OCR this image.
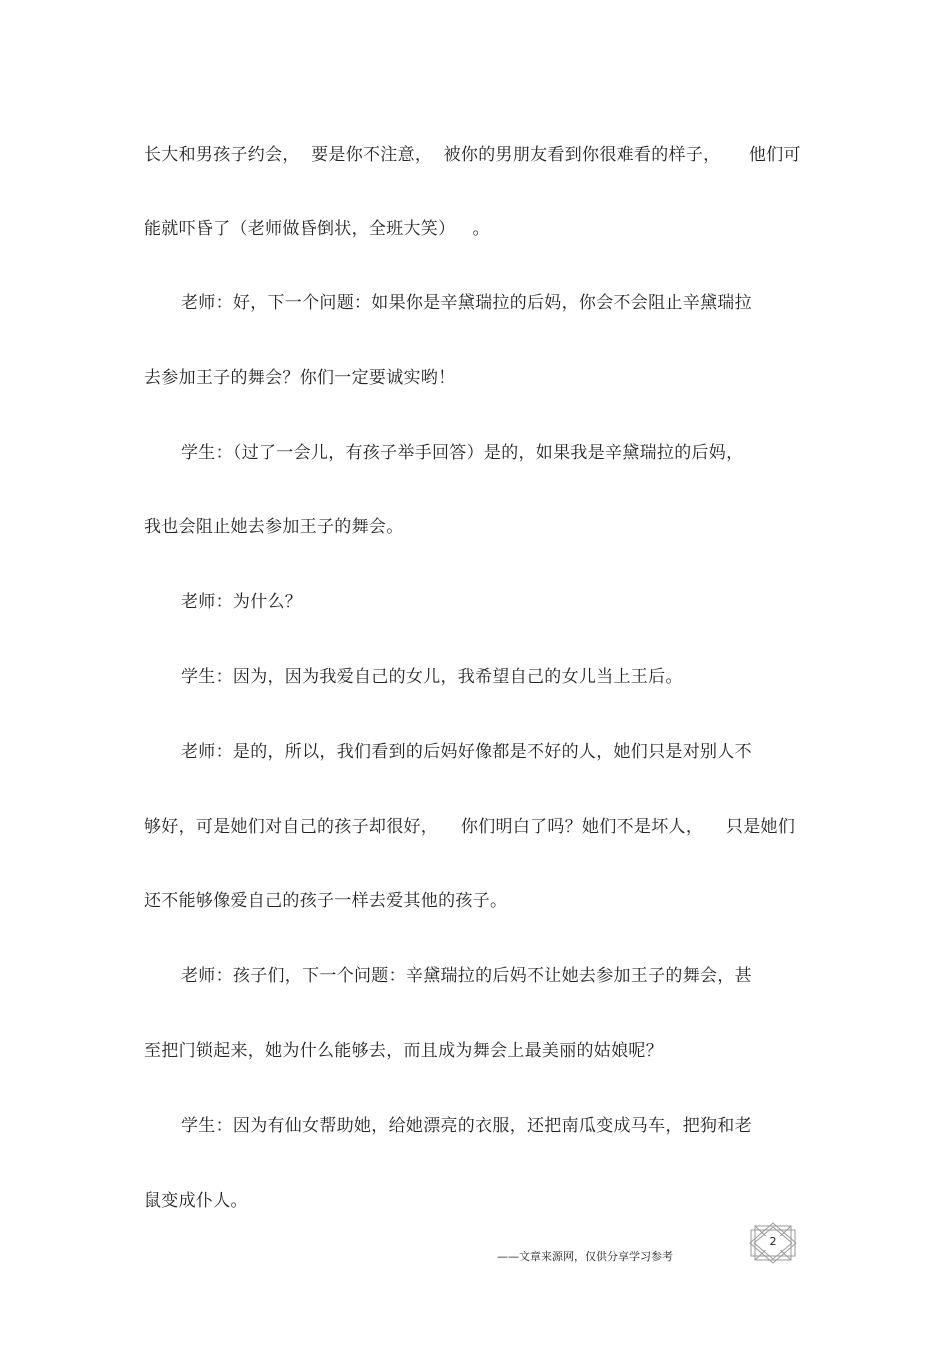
长大和男孩子约会，  要是你不注意，  被你的男朋友看到你很难看的样子，     他们可
能就吓昏了（老师做昏倒状，全班大笑）   。
老师：好，下一个问题：如果你是辛黛瑞拉的后妈，你会不会阻止辛黛瑞拉
去参加王子的舞会？你们一定要诚实哟！
学生：（过了一会儿，有孩子举手回答）是的，如果我是辛黛瑞拉的后妈，
我也会阻止她去参加王子的舞会。
老师：为什么？
学生：因为，因为我爱自己的女儿，我希望自己的女儿当上王后。
老师：是的，所以，我们看到的后妈好像都是不好的人，她们只是对别人不
够好，可是她们对自己的孩子却很好，    你们明白了吗？她们不是坏人，    只是她们
还不能够像爱自己的孩子一样去爱其他的孩子。
老师：孩子们，下一个问题：辛黛瑞拉的后妈不让她去参加王子的舞会，甚
至把门锁起来，她为什么能够去，而且成为舞会上最美丽的姑娘呢？
学生：因为有仙女帮助她，给她漂亮的衣服，还把南瓜变成马车，把狗和老
鼠变成仆人。
——文章来源网，仅供分享学习参考
2
